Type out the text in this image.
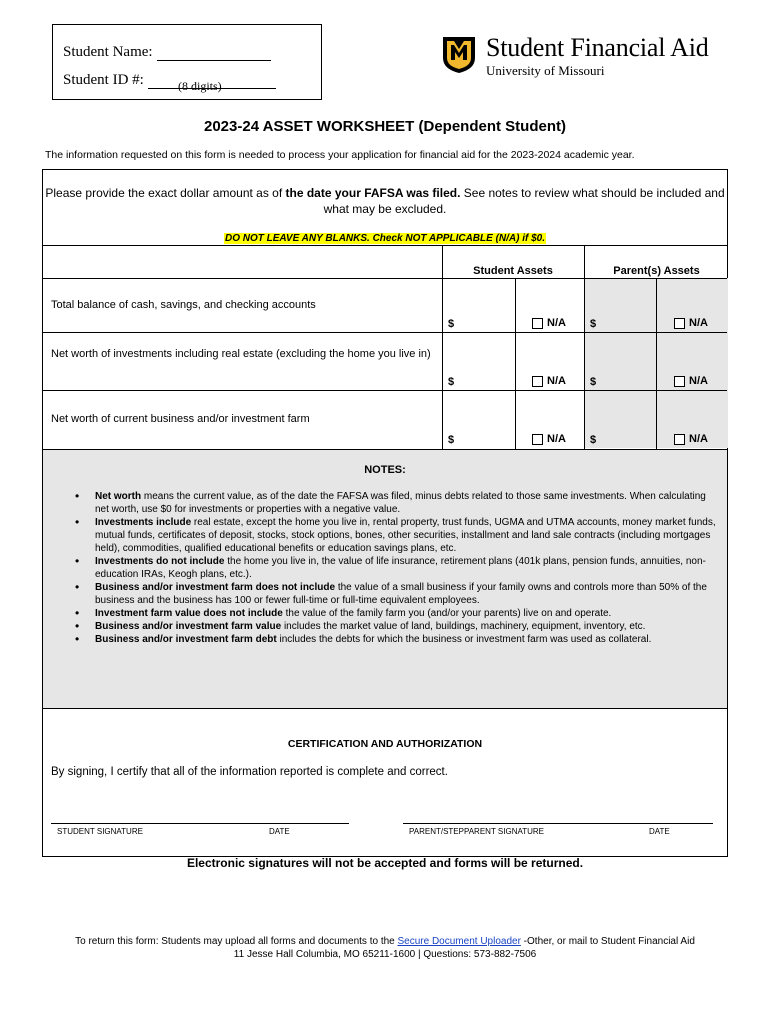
Student Name:
Student ID #:	(8 digits)
Student Financial Aid
University of Missouri
2023-24 ASSET WORKSHEET (Dependent Student)
The information requested on this form is needed to process your application for financial aid for the 2023-2024 academic year.
Please provide the exact dollar amount as of the date your FAFSA was filed. See notes to review what should be included and what may be excluded.
DO NOT LEAVE ANY BLANKS. Check NOT APPLICABLE (N/A) if $0.
Student Assets	Parent(s) Assets
Total balance of cash, savings, and checking accounts
$	N/A $	N/A
Net worth of investments including real estate (excluding the home you live in)
$	N/A $	N/A
Net worth of current business and/or investment farm
$	N/A $	N/A
NOTES:
• Net worth means the current value, as of the date the FAFSA was filed, minus debts related to those same investments. When calculating net worth, use $0 for investments or properties with a negative value.
• Investments include real estate, except the home you live in, rental property, trust funds, UGMA and UTMA accounts, money market funds, mutual funds, certificates of deposit, stocks, stock options, bones, other securities, installment and land sale contracts (including mortgages held), commodities, qualified educational benefits or education savings plans, etc.
• Investments do not include the home you live in, the value of life insurance, retirement plans (401k plans, pension funds, annuities, non-education IRAs, Keogh plans, etc.).
• Business and/or investment farm does not include the value of a small business if your family owns and controls more than 50% of the business and the business has 100 or fewer full-time or full-time equivalent employees.
• Investment farm value does not include the value of the family farm you (and/or your parents) live on and operate.
• Business and/or investment farm value includes the market value of land, buildings, machinery, equipment, inventory, etc.
• Business and/or investment farm debt includes the debts for which the business or investment farm was used as collateral.
CERTIFICATION AND AUTHORIZATION
By signing, I certify that all of the information reported is complete and correct.
STUDENT SIGNATURE	DATE	PARENT/STEPPARENT SIGNATURE	DATE
Electronic signatures will not be accepted and forms will be returned.
To return this form: Students may upload all forms and documents to the Secure Document Uploader -Other, or mail to Student Financial Aid
11 Jesse Hall Columbia, MO 65211-1600 | Questions: 573-882-7506
